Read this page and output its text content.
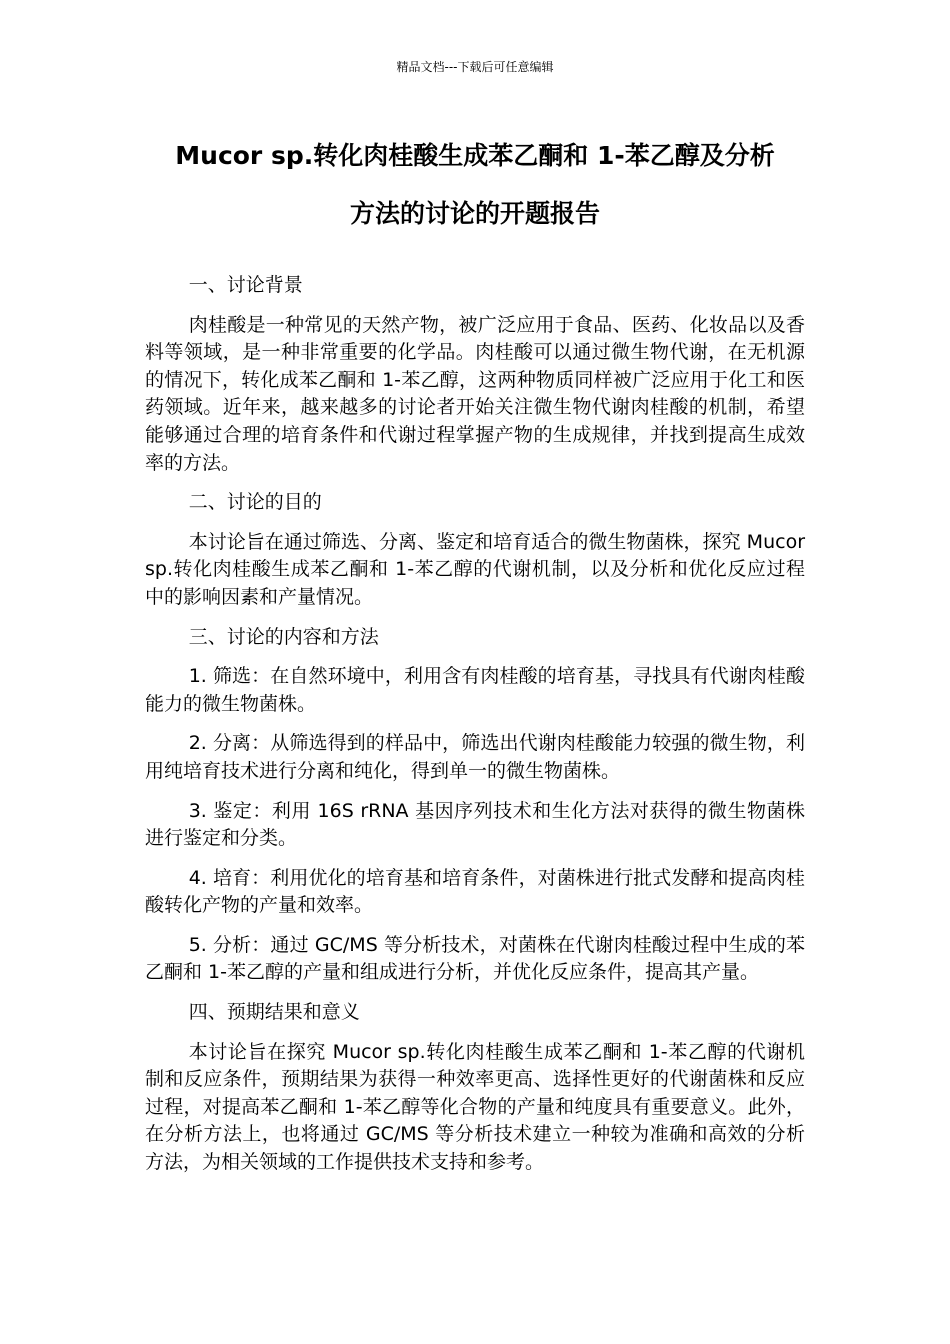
精品文档---下载后可任意编辑
Mucor sp.转化肉桂酸生成苯乙酮和 1-苯乙醇及分析
方法的讨论的开题报告

一、讨论背景

肉桂酸是一种常见的天然产物，被广泛应用于食品、医药、化妆品以及香料等领域，是一种非常重要的化学品。肉桂酸可以通过微生物代谢，在无机源的情况下，转化成苯乙酮和 1-苯乙醇，这两种物质同样被广泛应用于化工和医药领域。近年来，越来越多的讨论者开始关注微生物代谢肉桂酸的机制，希望能够通过合理的培育条件和代谢过程掌握产物的生成规律，并找到提高生成效率的方法。

二、讨论的目的

本讨论旨在通过筛选、分离、鉴定和培育适合的微生物菌株，探究 Mucor sp.转化肉桂酸生成苯乙酮和 1-苯乙醇的代谢机制，以及分析和优化反应过程中的影响因素和产量情况。

三、讨论的内容和方法

1. 筛选：在自然环境中，利用含有肉桂酸的培育基，寻找具有代谢肉桂酸能力的微生物菌株。

2. 分离：从筛选得到的样品中，筛选出代谢肉桂酸能力较强的微生物，利用纯培育技术进行分离和纯化，得到单一的微生物菌株。

3. 鉴定：利用 16S rRNA 基因序列技术和生化方法对获得的微生物菌株进行鉴定和分类。

4. 培育：利用优化的培育基和培育条件，对菌株进行批式发酵和提高肉桂酸转化产物的产量和效率。

5. 分析：通过 GC/MS 等分析技术，对菌株在代谢肉桂酸过程中生成的苯乙酮和 1-苯乙醇的产量和组成进行分析，并优化反应条件，提高其产量。

四、预期结果和意义

本讨论旨在探究 Mucor sp.转化肉桂酸生成苯乙酮和 1-苯乙醇的代谢机制和反应条件，预期结果为获得一种效率更高、选择性更好的代谢菌株和反应过程，对提高苯乙酮和 1-苯乙醇等化合物的产量和纯度具有重要意义。此外，在分析方法上，也将通过 GC/MS 等分析技术建立一种较为准确和高效的分析方法，为相关领域的工作提供技术支持和参考。
